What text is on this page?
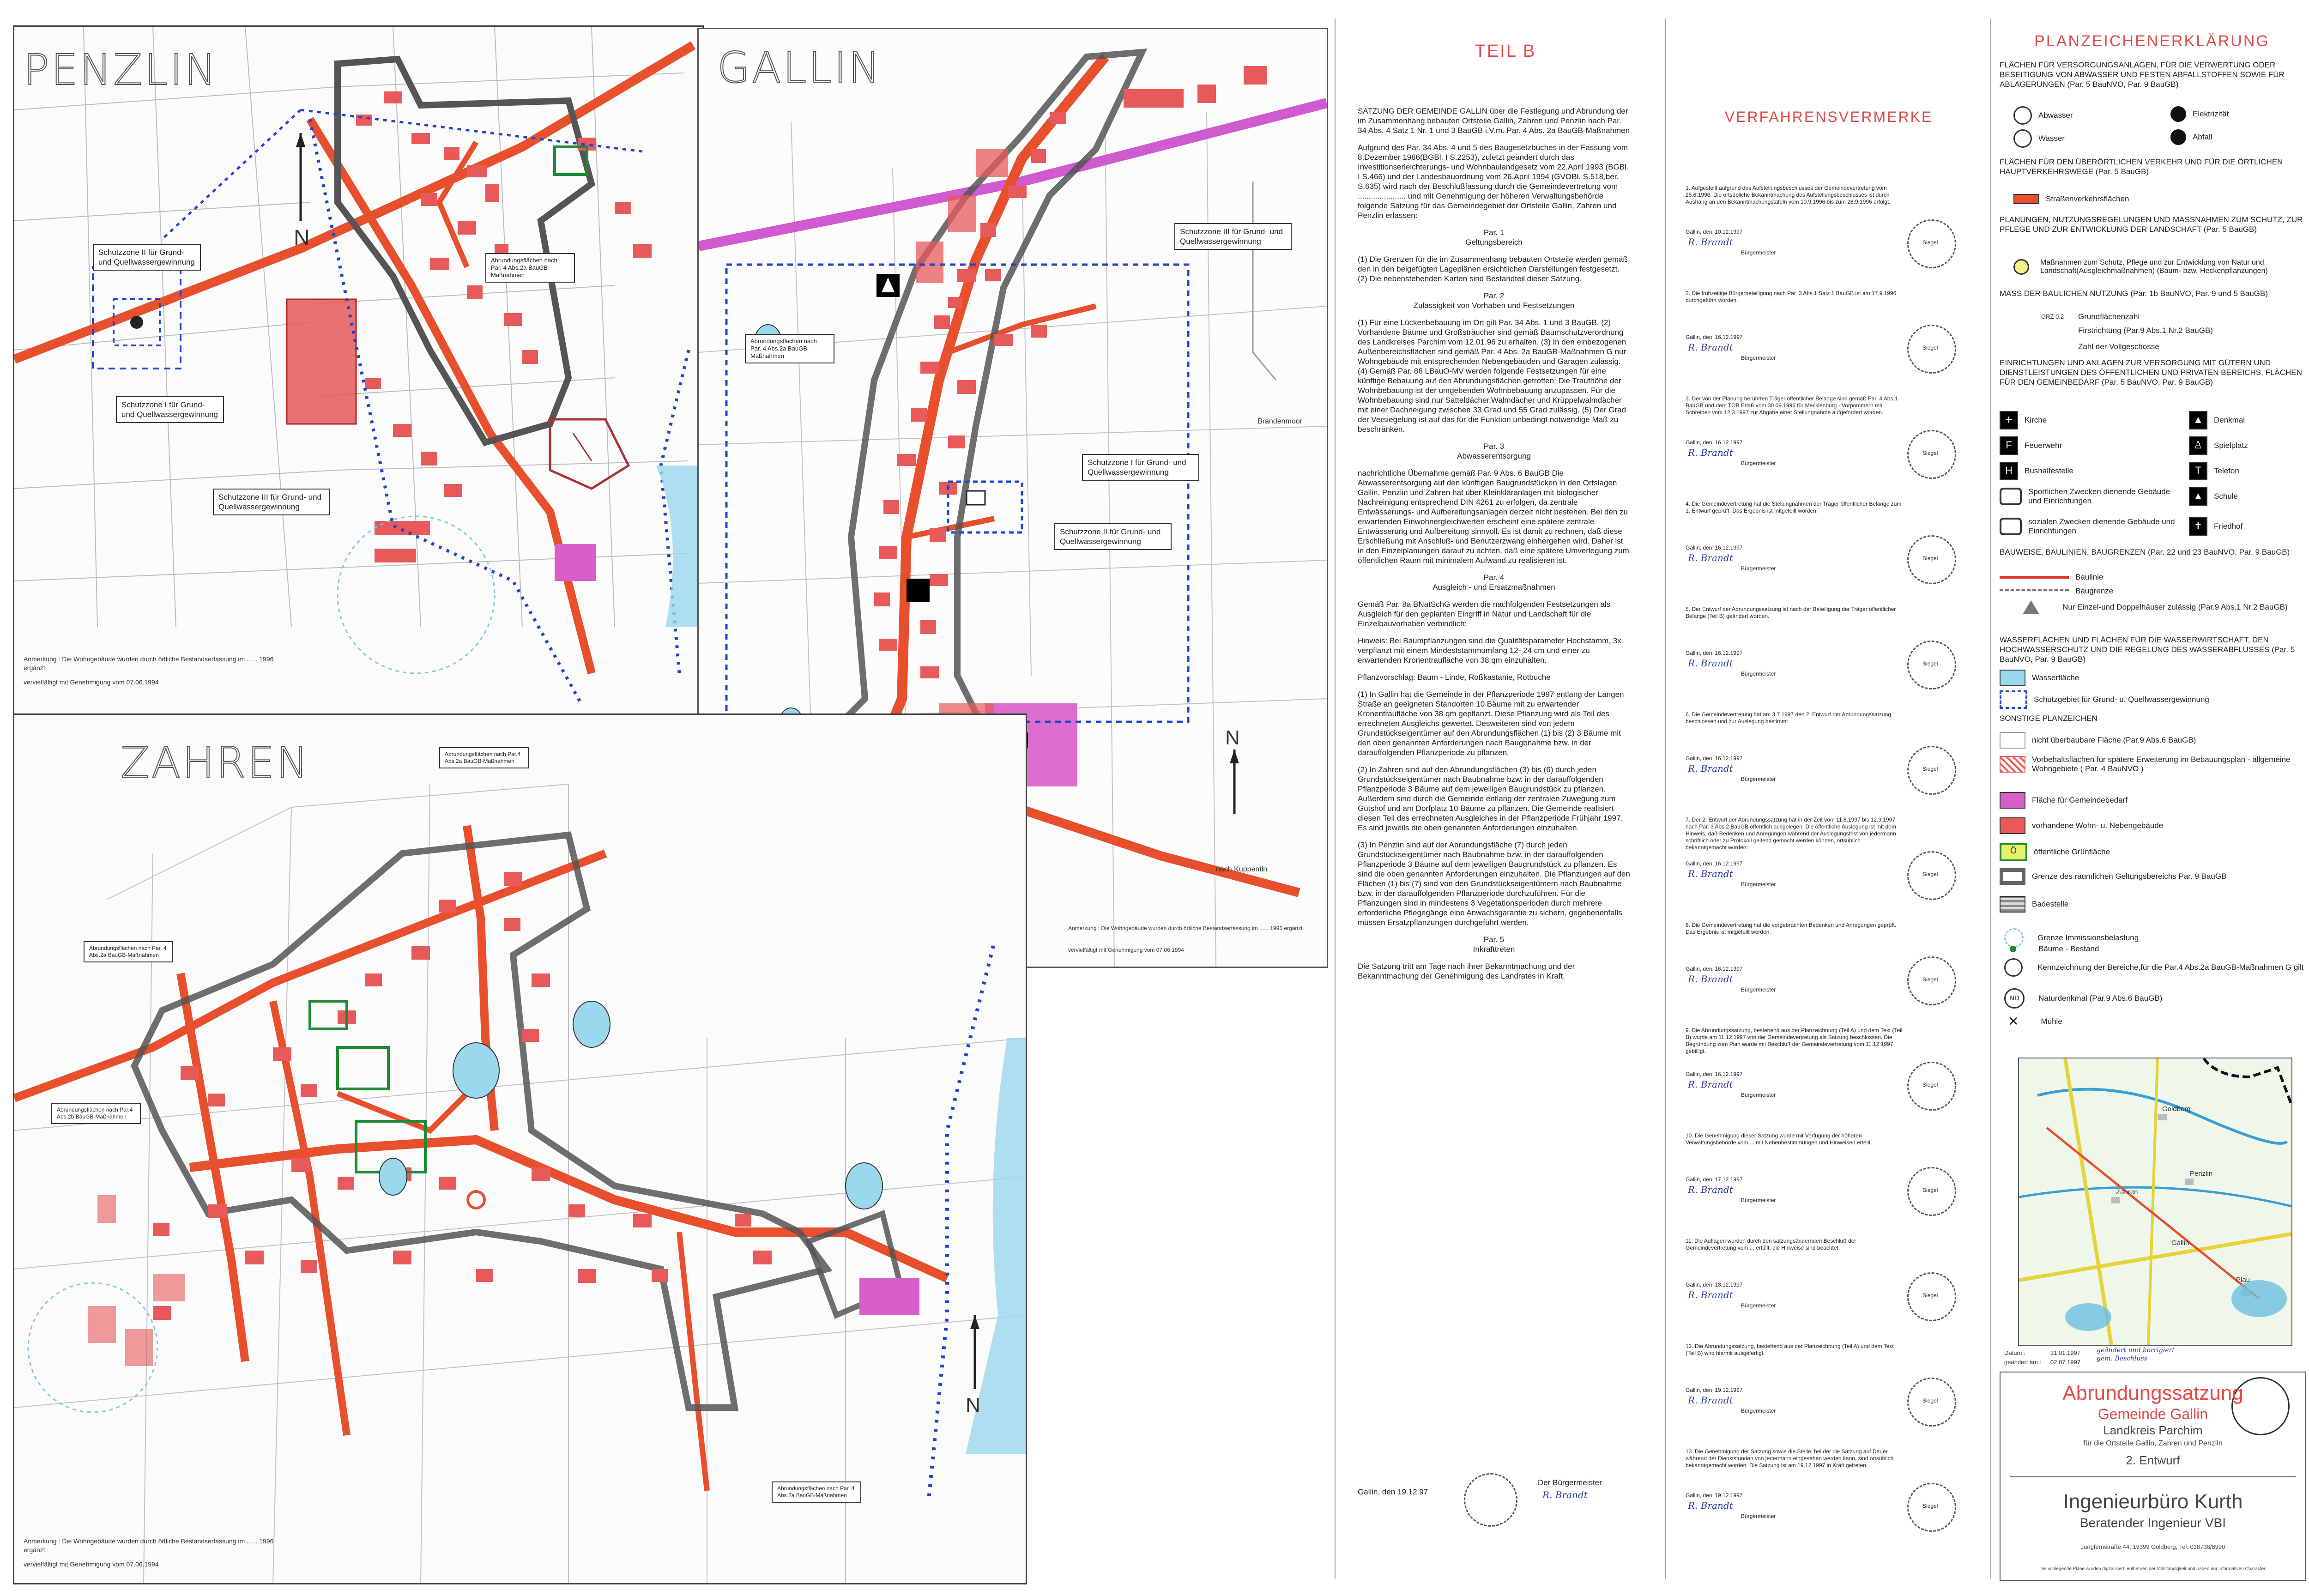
PENZLIN
Schutzzone II für Grund- und Quellwassergewinnung
Schutzzone I für Grund- und Quellwassergewinnung
Schutzzone III für Grund- und Quellwassergewinnung
Abrundungsflächen nach Par. 4 Abs.2a BauGB-Maßnahmen
Anmerkung : Die Wohngebäude wurden durch örtliche Bestandserfassung im ...... 1996 ergänzt
vervielfältigt mit Genehmigung vom 07.06.1994
N
GALLIN
Schutzzone III für Grund- und Quellwassergewinnung
Schutzzone I für Grund- und Quellwassergewinnung
Schutzzone II für Grund- und Quellwassergewinnung
Abrundungsflächen nach Par. 4 Abs.2a BauGB-Maßnahmen
Brandenmoor
nach Kuppentin
Anmerkung : Die Wohngebäude wurden durch örtliche Bestandserfassung im ...... 1996 ergänzt.
vervielfältigt mit Genehmigung vom 07.06.1994
N
ZAHREN
Abrundungsflächen nach Par. 4 Abs.2a BauGB-Maßnahmen
Abrundungsflächen nach Par.4 Abs.2a BauGB-Maßnahmen
Abrundungsflächen nach Par.4 Abs.2b BauGB-Maßnahmen
Abrundungsflächen nach Par. 4 Abs.2a BauGB-Maßnahmen
Anmerkung : Die Wohngebäude wurden durch örtliche Bestandserfassung im ...... 1996 ergänzt.
vervielfältigt mit Genehmigung vom 07.06.1994
N
TEIL B

SATZUNG DER GEMEINDE GALLIN über die Festlegung und Abrundung der im Zusammenhang bebauten Ortsteile Gallin, Zahren und Penzlin nach Par. 34 Abs. 4 Satz 1 Nr. 1 und 3 BauGB i.V.m. Par. 4 Abs. 2a BauGB-Maßnahmen

Aufgrund des Par. 34 Abs. 4 und 5 des Baugesetzbuches in der Fassung vom 8.Dezember 1986(BGBl. I S.2253), zuletzt geändert durch das Investitionserleichterungs- und Wohnbaulandgesetz vom 22.April 1993 (BGBl. I S.466) und der Landesbauordnung vom 26.April 1994 (GVOBl. S.518,ber. S.635) wird nach der Beschlußfassung durch die Gemeindevertretung vom ...................... und mit Genehmigung der höheren Verwaltungsbehörde folgende Satzung für das Gemeindegebiet der Ortsteile Gallin, Zahren und Penzlin erlassen:

Par. 1

Geltungsbereich

(1) Die Grenzen für die im Zusammenhang bebauten Ortsteile werden gemäß den in den beigefügten Lageplänen ersichtlichen Darstellungen festgesetzt. (2) Die nebenstehenden Karten sind Bestandteil dieser Satzung.

Par. 2

Zulässigkeit von Vorhaben und Festsetzungen

(1) Für eine Lückenbebauung im Ort gilt Par. 34 Abs. 1 und 3 BauGB. (2) Vorhandene Bäume und Großsträucher sind gemäß Baumschutzverordnung des Landkreises Parchim vom 12.01.96 zu erhalten. (3) In den einbezogenen Außenbereichsflächen sind gemäß Par. 4 Abs. 2a BauGB-Maßnahmen G nur Wohngebäude mit entsprechenden Nebengebäuden und Garagen zulässig. (4) Gemäß Par. 86 LBauO-MV werden folgende Festsetzungen für eine künftige Bebauung auf den Abrundungsflächen getroffen: Die Traufhöhe der Wohnbebauung ist der umgebenden Wohnbebauung anzupassen. Für die Wohnbebauung sind nur Satteldächer,Walmdächer und Krüppelwalmdächer mit einer Dachneigung zwischen 33 Grad und 55 Grad zulässig. (5) Der Grad der Versiegelung ist auf das für die Funktion unbedingt notwendige Maß zu beschränken.

Par. 3

Abwasserentsorgung

nachrichtliche Übernahme gemäß Par. 9 Abs. 6 BauGB Die Abwasserentsorgung auf den künftigen Baugrundstücken in den Ortslagen Gallin, Penzlin und Zahren hat über Kleinkläranlagen mit biologischer Nachreinigung entsprechend DIN 4261 zu erfolgen, da zentrale Entwässerungs- und Aufbereitungsanlagen derzeit nicht bestehen. Bei den zu erwartenden Einwohnergleichwerten erscheint eine spätere zentrale Entwässerung und Aufbereitung sinnvoll. Es ist damit zu rechnen, daß diese Erschließung mit Anschluß- und Benutzerzwang einhergehen wird. Daher ist in den Einzelplanungen darauf zu achten, daß eine spätere Umverlegung zum öffentlichen Raum mit minimalem Aufwand zu realisieren ist.

Par. 4

Ausgleich - und Ersatzmaßnahmen

Gemäß Par. 8a BNatSchG werden die nachfolgenden Festsetzungen als Ausgleich für den geplanten Eingriff in Natur und Landschaft für die Einzelbauvorhaben verbindlich:

Hinweis: Bei Baumpflanzungen sind die Qualitätsparameter Hochstamm, 3x verpflanzt mit einem Mindeststammumfang 12- 24 cm und einer zu erwartenden Kronentraufläche von 38 qm einzuhalten.

Pflanzvorschlag: Baum - Linde, Roßkastanie, Rotbuche

(1) In Gallin hat die Gemeinde in der Pflanzperiode 1997 entlang der Langen Straße an geeigneten Standorten 10 Bäume mit zu erwartender Kronentraufläche von 38 qm gepflanzt. Diese Pflanzung wird als Teil des errechneten Ausgleichs gewertet. Desweiteren sind von jedem Grundstückseigentümer auf den Abrundungsflächen (1) bis (2) 3 Bäume mit den oben genannten Anforderungen nach Baugbnahme bzw. in der darauffolgenden Pflanzperiode zu pflanzen.

(2) In Zahren sind auf den Abrundungsflächen (3) bis (6) durch jeden Grundstückseigentümer nach Baubnahme bzw. in der darauffolgenden Pflanzperiode 3 Bäume auf dem jeweiligen Baugrundstück zu pflanzen. Außerdem sind durch die Gemeinde entlang der zentralen Zuwegung zum Gutshof und am Dorfplatz 10 Bäume zu pflanzen. Die Gemeinde realisiert diesen Teil des errechneten Ausgleiches in der Pflanzperiode Frühjahr 1997. Es sind jeweils die oben genannten Anforderungen einzuhalten.

(3) In Penzlin sind auf der Abrundungsfläche (7) durch jeden Grundstückseigentümer nach Baubnahme bzw. in der darauffolgenden Pflanzperiode 3 Bäume auf dem jeweiligen Baugrundstück zu pflanzen. Es sind die oben genannten Anforderungen einzuhalten. Die Pflanzungen auf den Flächen (1) bis (7) sind von den Grundstückseigentümern nach Baubnahme bzw. in der darauffolgenden Pflanzperiode durchzuführen. Für die Pflanzungen sind in mindestens 3 Vegetationsperioden durch mehrere erforderliche Pflegegänge eine Anwachsgarantie zu sichern, gegebenenfalls müssen Ersatzpflanzungen durchgeführt werden.

Par. 5

Inkrafttreten

Die Satzung tritt am Tage nach ihrer Bekanntmachung und der Bekanntmachung der Genehmigung des Landrates in Kraft.

Gallin, den 19.12.97
Der Bürgermeister
R. Brandt
VERFAHRENSVERMERKE
1. Aufgestellt aufgrund des Aufstellungsbeschlusses der Gemeindevertretung vom 25.6.1996. Die ortsübliche Bekanntmachung des Aufstellungsbeschlusses ist durch Aushang an den Bekanntmachungstafeln vom 10.9.1996 bis zum 28.9.1996 erfolgt.
Gallin, den 10.12.1997
R. Brandt
Bürgermeister
Siegel
2. Die frühzeitige Bürgerbeteiligung nach Par. 3 Abs.1 Satz 1 BauGB ist am 17.9.1996 durchgeführt worden.
Gallin, den 16.12.1997
R. Brandt
Bürgermeister
Siegel
3. Der von der Planung berührten Träger öffentlicher Belange sind gemäß Par. 4 Abs.1 BauGB und dem TÖB Erlaß vom 30.09.1996 für Mecklenburg - Vorpommern mit Schreiben vom 12.3.1997 zur Abgabe einer Stellungnahme aufgefordert worden.
Gallin, den 16.12.1997
R. Brandt
Bürgermeister
Siegel
4. Die Gemeindevertretung hat die Stellungnahmen der Träger öffentlicher Belange zum 1. Entwurf geprüft. Das Ergebnis ist mitgeteilt worden.
Gallin, den 16.12.1997
R. Brandt
Bürgermeister
Siegel
5. Der Entwurf der Abrundungssatzung ist nach der Beteiligung der Träger öffentlicher Belange (Teil B) geändert worden.
Gallin, den 16.12.1997
R. Brandt
Bürgermeister
Siegel
6. Die Gemeindevertretung hat am 3.7.1997 den 2. Entwurf der Abrundungssatzung beschlossen und zur Auslegung bestimmt.
Gallin, den 16.12.1997
R. Brandt
Bürgermeister
Siegel
7. Der 2. Entwurf der Abrundungssatzung hat in der Zeit vom 11.8.1997 bis 12.9.1997 nach Par. 3 Abs.2 BauGB öffentlich ausgelegen. Die öffentliche Auslegung ist mit dem Hinweis, daß Bedenken und Anregungen während der Auslegungsfrist von jedermann schriftlich oder zu Protokoll geltend gemacht werden können, ortsüblich bekanntgemacht worden.
Gallin, den 16.12.1997
R. Brandt
Bürgermeister
Siegel
8. Die Gemeindevertretung hat die vorgebrachten Bedenken und Anregungen geprüft. Das Ergebnis ist mitgeteilt worden.
Gallin, den 16.12.1997
R. Brandt
Bürgermeister
Siegel
9. Die Abrundungssatzung, bestehend aus der Planzeichnung (Teil A) und dem Text (Teil B) wurde am 11.12.1997 von der Gemeindevertretung als Satzung beschlossen. Die Begründung zum Plan wurde mit Beschluß der Gemeindevertretung vom 11.12.1997 gebilligt.
Gallin, den 16.12.1997
R. Brandt
Bürgermeister
Siegel
10. Die Genehmigung dieser Satzung wurde mit Verfügung der höheren Verwaltungsbehörde vom ... mit Nebenbestimmungen und Hinweisen erteilt.
Gallin, den 17.12.1997
R. Brandt
Bürgermeister
Siegel
11. Die Auflagen wurden durch den satzungsändernden Beschluß der Gemeindevertretung vom ... erfüllt, die Hinweise sind beachtet.
Gallin, den 18.12.1997
R. Brandt
Bürgermeister
Siegel
12. Die Abrundungssatzung, bestehend aus der Planzeichnung (Teil A) und dem Text (Teil B) wird hiermit ausgefertigt.
Gallin, den 19.12.1997
R. Brandt
Bürgermeister
Siegel
13. Die Genehmigung der Satzung sowie die Stelle, bei der die Satzung auf Dauer während der Dienststunden von jedermann eingesehen werden kann, sind ortsüblich bekanntgemacht worden. Die Satzung ist am 19.12.1997 in Kraft getreten.
Gallin, den 19.12.1997
R. Brandt
Bürgermeister
Siegel
PLANZEICHENERKLÄRUNG
FLÄCHEN FÜR VERSORGUNGSANLAGEN, FÜR DIE VERWERTUNG ODER BESEITIGUNG VON ABWASSER UND FESTEN ABFALLSTOFFEN SOWIE FÜR ABLAGERUNGEN (Par. 5 BauNVO, Par. 9 BauGB)
Abwasser	Elektrizität
Wasser	Abfall
FLÄCHEN FÜR DEN ÜBERÖRTLICHEN VERKEHR UND FÜR DIE ÖRTLICHEN HAUPTVERKEHRSWEGE (Par. 5 BauGB)
Straßenverkehrsflächen
PLANUNGEN, NUTZUNGSREGELUNGEN UND MASSNAHMEN ZUM SCHUTZ, ZUR PFLEGE UND ZUR ENTWICKLUNG DER LANDSCHAFT (Par. 5 BauGB)
Maßnahmen zum Schutz, Pflege und zur Entwicklung von Natur und Landschaft(Ausgleichmaßnahmen) (Baum- bzw. Heckenpflanzungen)
MASS DER BAULICHEN NUTZUNG (Par. 1b BauNVO, Par. 9 und 5 BauGB)
GRZ 0.2 Grundflächenzahl
Firstrichtung (Par.9 Abs.1 Nr.2 BauGB)
Zahl der Vollgeschosse
EINRICHTUNGEN UND ANLAGEN ZUR VERSORGUNG MIT GÜTERN UND DIENSTLEISTUNGEN DES ÖFFENTLICHEN UND PRIVATEN BEREICHS, FLÄCHEN FÜR DEN GEMEINBEDARF (Par. 5 BauNVO, Par. 9 BauGB)
+	Kirche	▲	Denkmal
F	Feuerwehr	♙	Spielplatz
H	Bushaltestelle	T	Telefon
Sportlichen Zwecken dienende Gebäude und Einrichtungen	▲	Schule
sozialen Zwecken dienende Gebäude und Einrichtungen	✝	Friedhof
BAUWEISE, BAULINIEN, BAUGRENZEN (Par. 22 und 23 BauNVO, Par. 9 BauGB)
Baulinie
Baugrenze
Nur Einzel-und Doppelhäuser zulässig (Par.9 Abs.1 Nr.2 BauGB)
WASSERFLÄCHEN UND FLÄCHEN FÜR DIE WASSERWIRTSCHAFT, DEN HOCHWASSERSCHUTZ UND DIE REGELUNG DES WASSERABFLUSSES (Par. 5 BauNVO, Par. 9 BauGB)
Wasserfläche
Schutzgebiet für Grund- u. Quellwassergewinnung
SONSTIGE PLANZEICHEN
nicht überbaubare Fläche (Par.9 Abs.6 BauGB)
Vorbehaltsflächen für spätere Erweiterung im Bebauungsplan - allgemeine Wohngebiete ( Par. 4 BauNVO )
Fläche für Gemeindebedarf
vorhandene Wohn- u. Nebengebäude
Ö	öffentliche Grünfläche
Grenze des räumlichen Geltungsbereichs Par. 9 BauGB
Badestelle
Grenze Immissionsbelastung
Bäume - Bestand
Kennzeichnung der Bereiche,für die Par.4 Abs.2a BauGB-Maßnahmen G gilt
ND	Naturdenkmal (Par.9 Abs.6 BauGB)
✕	Mühle
Goldberg
Zahren
Penzlin
Gallin
Plau
Datum :	31.01.1997
geändert am : 02.07.1997
geändert und korrigiert gem. Beschluss
Abrundungssatzung
Gemeinde Gallin
Landkreis Parchim
für die Ortsteile Gallin, Zahren und Penzlin
2. Entwurf
Ingenieurbüro Kurth
Beratender Ingenieur VBI
Jungfernstraße 44, 19399 Goldberg, Tel. 038736/8990
Die vorliegende Pläne wurden digitalisiert, entbehren der Vollständigkeit und haben nur informativen Charakter.
